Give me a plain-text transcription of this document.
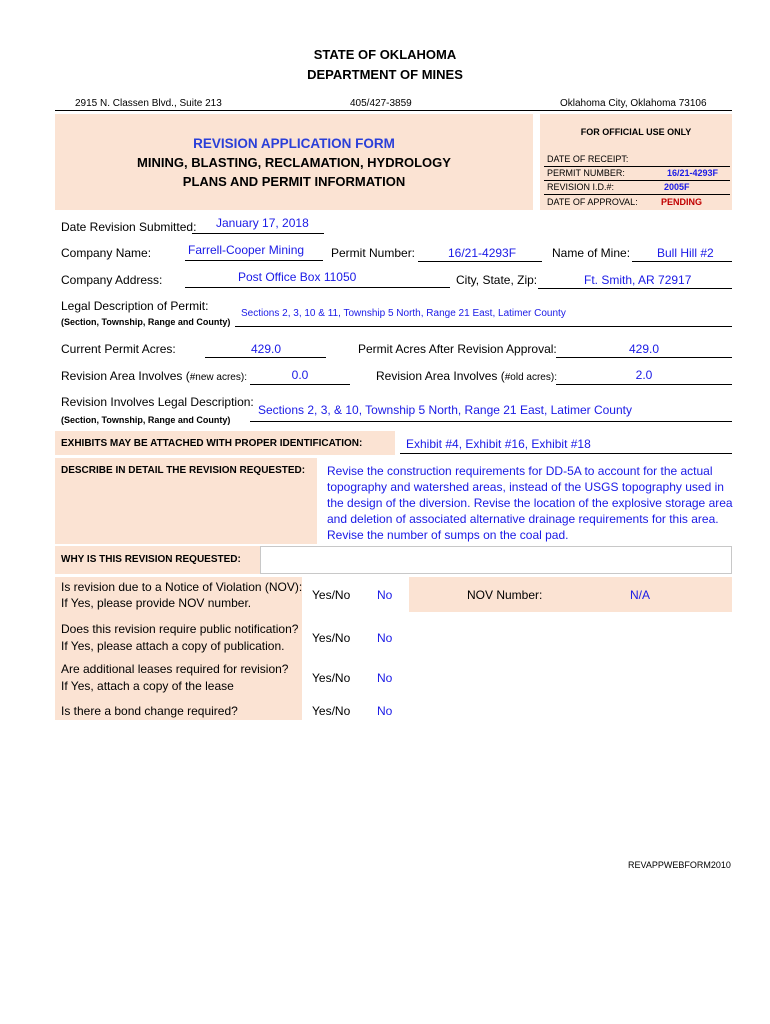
STATE OF OKLAHOMA
DEPARTMENT OF MINES
2915 N. Classen Blvd., Suite 213	405/427-3859	Oklahoma City, Oklahoma 73106
REVISION APPLICATION FORM
MINING, BLASTING, RECLAMATION, HYDROLOGY
PLANS AND PERMIT INFORMATION
FOR OFFICIAL USE ONLY
DATE OF RECEIPT:
PERMIT NUMBER:	16/21-4293F
REVISION I.D.#:	2005F
DATE OF APPROVAL:	PENDING
Date Revision Submitted: January 17, 2018
Company Name:	Farrell-Cooper Mining Permit Number:	16/21-4293F	Name of Mine: Bull Hill #2
Company Address:	Post Office Box 11050	City, State, Zip:	Ft. Smith, AR 72917
Legal Description of Permit:
(Section, Township, Range and County)
Sections 2, 3, 10 & 11, Township 5 North, Range 21 East, Latimer County
Current Permit Acres:	429.0	Permit Acres After Revision Approval:	429.0
Revision Area Involves (#new acres):	0.0	Revision Area Involves (#old acres):	2.0
Revision Involves Legal Description:
(Section, Township, Range and County)
Sections 2, 3, & 10, Township 5 North, Range 21 East, Latimer County
EXHIBITS MAY BE ATTACHED WITH PROPER IDENTIFICATION:	Exhibit #4, Exhibit #16, Exhibit #18
DESCRIBE IN DETAIL THE REVISION REQUESTED: Revise the construction requirements for DD-5A to account for the actual
topography and watershed areas, instead of the USGS topography used in
the design of the diversion. Revise the location of the explosive storage area
and deletion of associated alternative drainage requirements for this area.
Revise the number of sumps on the coal pad.
WHY IS THIS REVISION REQUESTED:
Is revision due to a Notice of Violation (NOV):
If Yes, please provide NOV number.
Yes/No No	NOV Number:	N/A
Does this revision require public notification?
If Yes, please attach a copy of publication.
Yes/No No
Are additional leases required for revision?
If Yes, attach a copy of the lease
Yes/No No
Is there a bond change required?	Yes/No No
REVAPPWEBFORM2010
